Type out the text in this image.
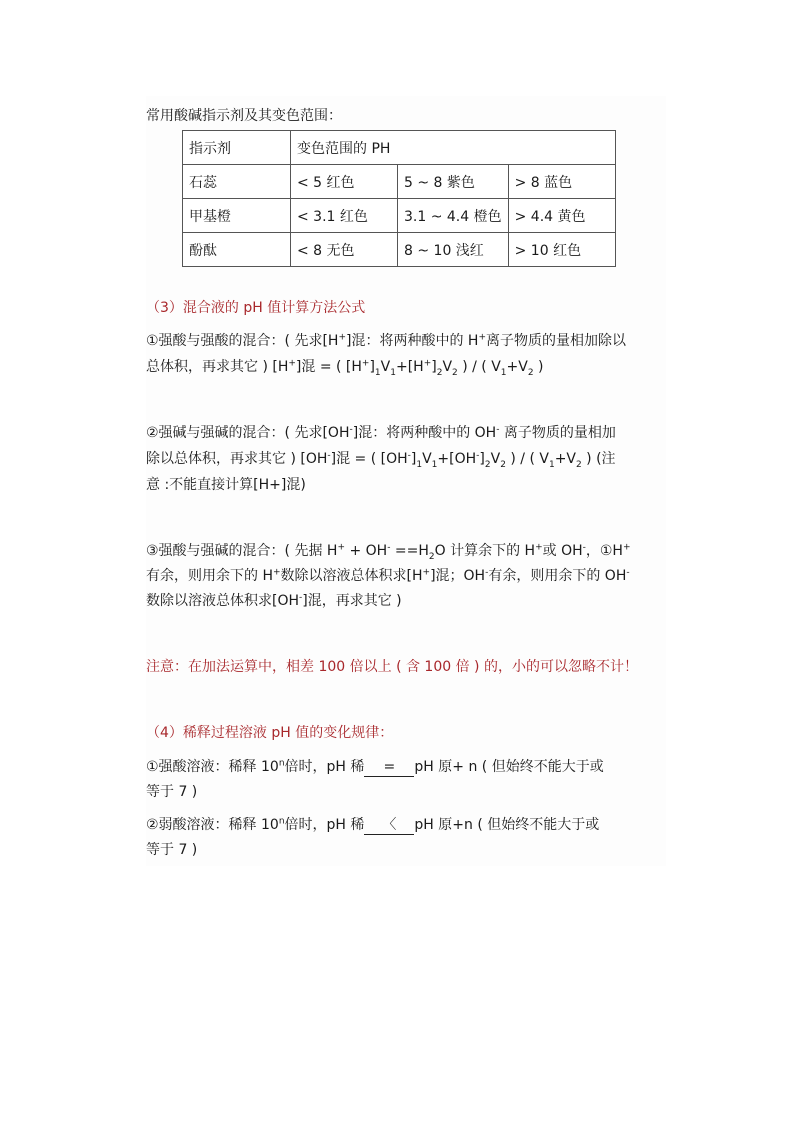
常用酸碱指示剂及其变色范围：
指示剂	变色范围的 PH		
石蕊	< 5 红色	5 ~ 8 紫色	> 8 蓝色
甲基橙	< 3.1 红色	3.1 ~ 4.4 橙色	> 4.4 黄色
酚酞	< 8 无色	8 ~ 10 浅红	> 10 红色
（3）混合液的 pH 值计算方法公式
①强酸与强酸的混合：( 先求[H+]混：将两种酸中的 H+离子物质的量相加除以
总体积，再求其它 ) [H+]混 = ( $[H^+]_1V_1+[H^+]_2V_2$ ) / ( $V_1+V_2$ )
②强碱与强碱的混合：( 先求[OH-]混：将两种酸中的 OH- 离子物质的量相加
除以总体积，再求其它 ) [OH-]混 = ( $[OH^-]_1V_1+[OH^-]_2V_2$ ) / ( $V_1+V_2$ ) (注
意 :不能直接计算[H+]混)
③强酸与强碱的混合：( 先据 $H^+ + OH^- ==H_2O$ 计算余下的 H+或 OH-，①H+
有余，则用余下的 H+数除以溶液总体积求[H+]混；OH-有余，则用余下的 OH-
数除以溶液总体积求[OH-]混，再求其它 )
注意：在加法运算中，相差 100 倍以上 ( 含 100 倍 ) 的，小的可以忽略不计！
（4）稀释过程溶液 pH 值的变化规律：
①强酸溶液：稀释 10$^n$倍时，pH 稀 = pH 原+ n ( 但始终不能大于或
等于 7 )
②弱酸溶液：稀释 10$^n$倍时，pH 稀 〈 pH 原+n ( 但始终不能大于或
等于 7 )
